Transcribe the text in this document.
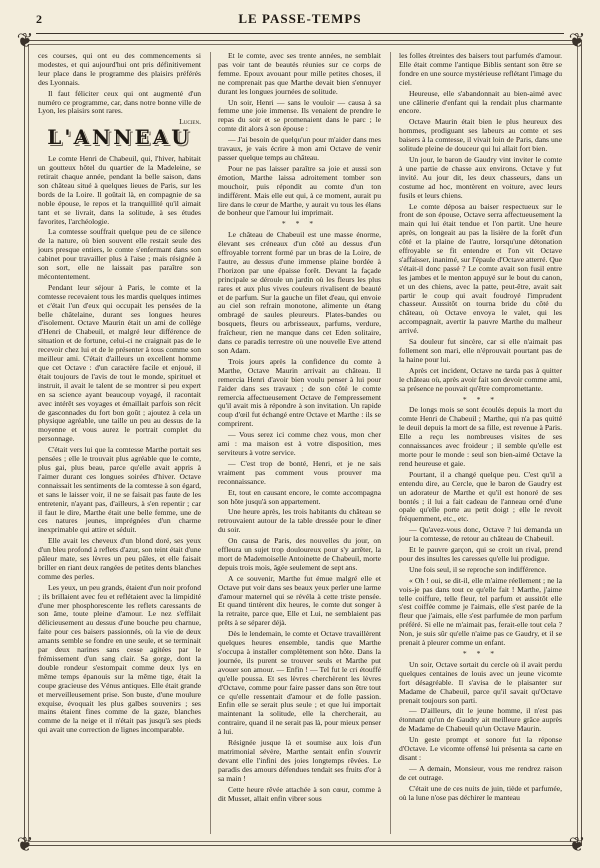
❦	❦
❦	❦
2	LE PASSE-TEMPS

ces courses, qui ont eu des commencements si modestes, et qui aujourd'hui ont pris définitivement leur place dans le programme des plaisirs préférés des Lyonnais.

Il faut féliciter ceux qui ont augmenté d'un numéro ce programme, car, dans notre bonne ville de Lyon, les plaisirs sont rares.

Lucien.

L'ANNEAU

Le comte Henri de Chabeuil, qui, l'hiver, habitait un goutteux hôtel du quartier de la Madeleine, se retirait chaque année, pendant la belle saison, dans son château situé à quelques lieues de Paris, sur les bords de la Loire. Il goûtait là, en compagnie de sa noble épouse, le repos et la tranquillité qu'il aimait tant et se livrait, dans la solitude, à ses études favorites, l'archéologie.

La comtesse souffrait quelque peu de ce silence de la nature, où bien souvent elle restait seule des jours presque entiers, le comte s'enfermant dans son cabinet pour travailler plus à l'aise ; mais résignée à son sort, elle ne laissait pas paraître son mécontentement.

Pendant leur séjour à Paris, le comte et la comtesse recevaient tous les mardis quelques intimes et c'était l'un d'eux qui occupait les pensées de la belle châtelaine, durant ses longues heures d'isolement. Octave Maurin était un ami de collège d'Henri de Chabeuil, et malgré leur différence de situation et de fortune, celui-ci ne craignait pas de le recevoir chez lui et de le présenter à tous comme son meilleur ami. C'était d'ailleurs un excellent homme que cet Octave : d'un caractère facile et enjoué, il était toujours de l'avis de tout le monde, spirituel et instruit, il avait le talent de se montrer si peu expert en sa science ayant beaucoup voyagé, il racontait avec intérêt ses voyages et émaillait parfois son récit de gasconnades du fort bon goût ; ajoutez à cela un physique agréable, une taille un peu au dessus de la moyenne et vous aurez le portrait complet du personnage.

C'était vers lui que la comtesse Marthe portait ses pensées ; elle le trouvait plus agréable que le comte, plus gai, plus beau, parce qu'elle avait appris à l'aimer durant ces longues soirées d'hiver. Octave connaissait les sentiments de la comtesse à son égard, et sans le laisser voir, il ne se faisait pas faute de les entretenir, n'ayant pas, d'ailleurs, à s'en repentir ; car il faut le dire, Marthe était une belle femme, une de ces natures jeunes, imprégnées d'un charme inexprimable qui attire et séduit.

Elle avait les cheveux d'un blond doré, ses yeux d'un bleu profond à reflets d'azur, son teint était d'une pâleur mate, ses lèvres un peu pâles, et elle faisait briller en riant deux rangées de petites dents blanches comme des perles.

Les yeux, un peu grands, étaient d'un noir profond ; ils brillaient avec feu et reflétaient avec la limpidité d'une mer phosphorescente les reflets caressants de son âme, toute pleine d'amour. Le nez s'effilait délicieusement au dessus d'une bouche peu charnue, faite pour ces baisers passionnés, où la vie de deux amants semble se fondre en une seule, et se terminait par deux narines sans cesse agitées par le frémissement d'un sang clair. Sa gorge, dont la double rondeur s'estompait comme deux lys en même temps épanouis sur la même tige, était la coupe gracieuse des Vénus antiques. Elle était grande et merveilleusement prise. Son buste, d'une moulure exquise, évoquait les plus galbes souvenirs ; ses mains étaient fines comme de la gaze, blanches comme de la neige et il n'était pas jusqu'à ses pieds qui avait une correction de lignes incomparable.

Et le comte, avec ses trente années, ne semblait pas voir tant de beautés réunies sur ce corps de femme. Epoux avouant pour mille petites choses, il ne comprenait pas que Marthe devait bien s'ennuyer durant les longues journées de solitude.

Un soir, Henri — sans le vouloir — causa à sa femme une joie immense. Ils venaient de prendre le repas du soir et se promenaient dans le parc ; le comte dit alors à son épouse :

— J'ai besoin de quelqu'un pour m'aider dans mes travaux, je vais écrire à mon ami Octave de venir passer quelque temps au château.

Pour ne pas laisser paraître sa joie et aussi son émotion, Marthe laissa adroitement tomber son mouchoir, puis répondit au comte d'un ton indifférent. Mais elle eut qui, à ce moment, aurait pu lire dans le cœur de Marthe, y aurait vu tous les élans de bonheur que l'amour lui imprimait.

* * *

Le château de Chabeuil est une masse énorme, élevant ses créneaux d'un côté au dessus d'un effroyable torrent formé par un bras de la Loire, de l'autre, au dessus d'une immense plaine bordée à l'horizon par une épaisse forêt. Devant la façade principale se déroule un jardin où les fleurs les plus rares et aux plus vives couleurs rivalisent de beauté et de parfum. Sur la gauche un filet d'eau, qui envoie au ciel son refrain monotone, alimente un étang ombragé de saules pleureurs. Plates-bandes ou bosquets, fleurs ou arbrisseaux, parfums, verdure, fraîcheur, rien ne manque dans cet Eden solitaire, dans ce paradis terrestre où une nouvelle Eve attend son Adam.

Trois jours après la confidence du comte à Marthe, Octave Maurin arrivait au château. Il remercia Henri d'avoir bien voulu penser à lui pour l'aider dans ses travaux ; de son côté le comte remercia affectueusement Octave de l'empressement qu'il avait mis à répondre à son invitation. Un rapide coup d'œil fut échangé entre Octave et Marthe : ils se comprirent.

— Vous serez ici comme chez vous, mon cher ami : ma maison est à votre disposition, mes serviteurs à votre service.

— C'est trop de bonté, Henri, et je ne sais vraiment pas comment vous prouver ma reconnaissance.

Et, tout en causant encore, le comte accompagna son hôte jusqu'à son appartement.

Une heure après, les trois habitants du château se retrouvaient autour de la table dressée pour le dîner du soir.

On causa de Paris, des nouvelles du jour, on effleura un sujet trop douloureux pour s'y arrêter, la mort de Mademoiselle Antoinette de Chabeuil, morte depuis trois mois, âgée seulement de sept ans.

A ce souvenir, Marthe fut émue malgré elle et Octave put voir dans ses beaux yeux perler une larme d'amour maternel qui se révéla à cette triste pensée. Et quand tintèrent dix heures, le comte dut songer à la retraite, parce que, Elle et Lui, ne semblaient pas prêts à se séparer déjà.

Dès le lendemain, le comte et Octave travaillèrent quelques heures ensemble, tandis que Marthe s'occupa à installer complètement son hôte. Dans la journée, ils purent se trouver seuls et Marthe put avouer son amour. — Enfin ! — Tel fut le cri étouffé qu'elle poussa. Et ses lèvres cherchèrent les lèvres d'Octave, comme pour faire passer dans son être tout ce qu'elle ressentait d'amour et de folle passion. Enfin elle se serait plus seule ; et que lui importait maintenant la solitude, elle la chercherait, au contraire, quand il ne serait pas là, pour mieux penser à lui.

Résignée jusque là et soumise aux lois d'un matrimonial sévère, Marthe sentait enfin s'ouvrir devant elle l'infini des joies longtemps rêvées. Le paradis des amours défendues tendait ses fruits d'or à sa main !

Cette heure rêvée attachée à son cœur, comme à dit Musset, allait enfin vibrer sous

les folles étreintes des baisers tout parfumés d'amour. Elle était comme l'antique Biblis sentant son être se fondre en une source mystérieuse reflétant l'image du ciel.

Heureuse, elle s'abandonnait au bien-aimé avec une câlinerie d'enfant qui la rendait plus charmante encore.

Octave Maurin était bien le plus heureux des hommes, prodiguant ses labeurs au comte et ses baisers à la comtesse, il vivait loin de Paris, dans une solitude pleine de douceur qui lui allait fort bien.

Un jour, le baron de Gaudry vint inviter le comte à une partie de chasse aux environs. Octave y fut invité. Au jour dit, les deux chasseurs, dans un costume ad hoc, montèrent en voiture, avec leurs fusils et leurs chiens.

Le comte déposa au baiser respectueux sur le front de son épouse, Octave serra affectueusement la main qui lui était tendue et l'on partit. Une heure après, on longeait au pas la lisière de la forêt d'un côté et la plaine de l'autre, lorsqu'une détonation effroyable se fit entendre et l'on vit Octave s'affaisser, inanimé, sur l'épaule d'Octave atterré. Que s'était-il donc passé ? Le comte avait son fusil entre les jambes et le menton appuyé sur le bout du canon, et un des chiens, avec la patte, peut-être, avait sait partir le coup qui avait foudroyé l'imprudent chasseur. Aussitôt on tourna bride du côté du château, où Octave envoya le valet, qui les accompagnait, avertir la pauvre Marthe du malheur arrivé.

Sa douleur fut sincère, car si elle n'aimait pas follement son mari, elle n'éprouvait pourtant pas de la haine pour lui.

Après cet incident, Octave ne tarda pas à quitter le château où, après avoir fait son devoir comme ami, sa présence ne pouvait qu'être compromettante.

* * *

De longs mois se sont écoulés depuis la mort du comte Henri de Chabeuil ; Marthe, qui n'a pas quitté le deuil depuis la mort de sa fille, est revenue à Paris. Elle a reçu les nombreuses visites de ses connaissances avec froideur ; il semble qu'elle est morte pour le monde : seul son bien-aimé Octave la rend heureuse et gaie.

Pourtant, il a changé quelque peu. C'est qu'il a entendu dire, au Cercle, que le baron de Gaudry est un adorateur de Marthe et qu'il est honoré de ses bontés ; il lui a fait cadeau de l'anneau orné d'une opale qu'elle porte au petit doigt ; elle le revoit fréquemment, etc., etc.

— Qu'avez-vous donc, Octave ? lui demanda un jour la comtesse, de retour au château de Chabeuil.

Et le pauvre garçon, qui se croit un rival, prend pour des insultes les caresses qu'elle lui prodigue.

Une fois seul, il se reproche son indifférence.

« Oh ! oui, se dit-il, elle m'aime réellement ; ne la vois-je pas dans tout ce qu'elle fait ! Marthe, j'aime telle coiffure, telle fleur, tel parfum et aussitôt elle s'est coiffée comme je l'aimais, elle s'est parée de la fleur que j'aimais, elle s'est parfumée de mon parfum préféré. Si elle ne m'aimait pas, ferait-elle tout cela ? Non, je suis sûr qu'elle n'aime pas ce Gaudry, et il se prenait à pleurer comme un enfant.

* * *

Un soir, Octave sortait du cercle où il avait perdu quelques centaines de louis avec un jeune vicomte fort désagréable. Il s'avisa de le plaisanter sur Madame de Chabeuil, parce qu'il savait qu'Octave prenait toujours son parti.

— D'ailleurs, dit le jeune homme, il n'est pas étonnant qu'un de Gaudry ait meilleure grâce auprès de Madame de Chabeuil qu'un Octave Maurin.

Un geste prompt et sonore fut la réponse d'Octave. Le vicomte offensé lui présenta sa carte en disant :

— A demain, Monsieur, vous me rendrez raison de cet outrage.

C'était une de ces nuits de juin, tiède et parfumée, où la lune n'ose pas déchirer le manteau
